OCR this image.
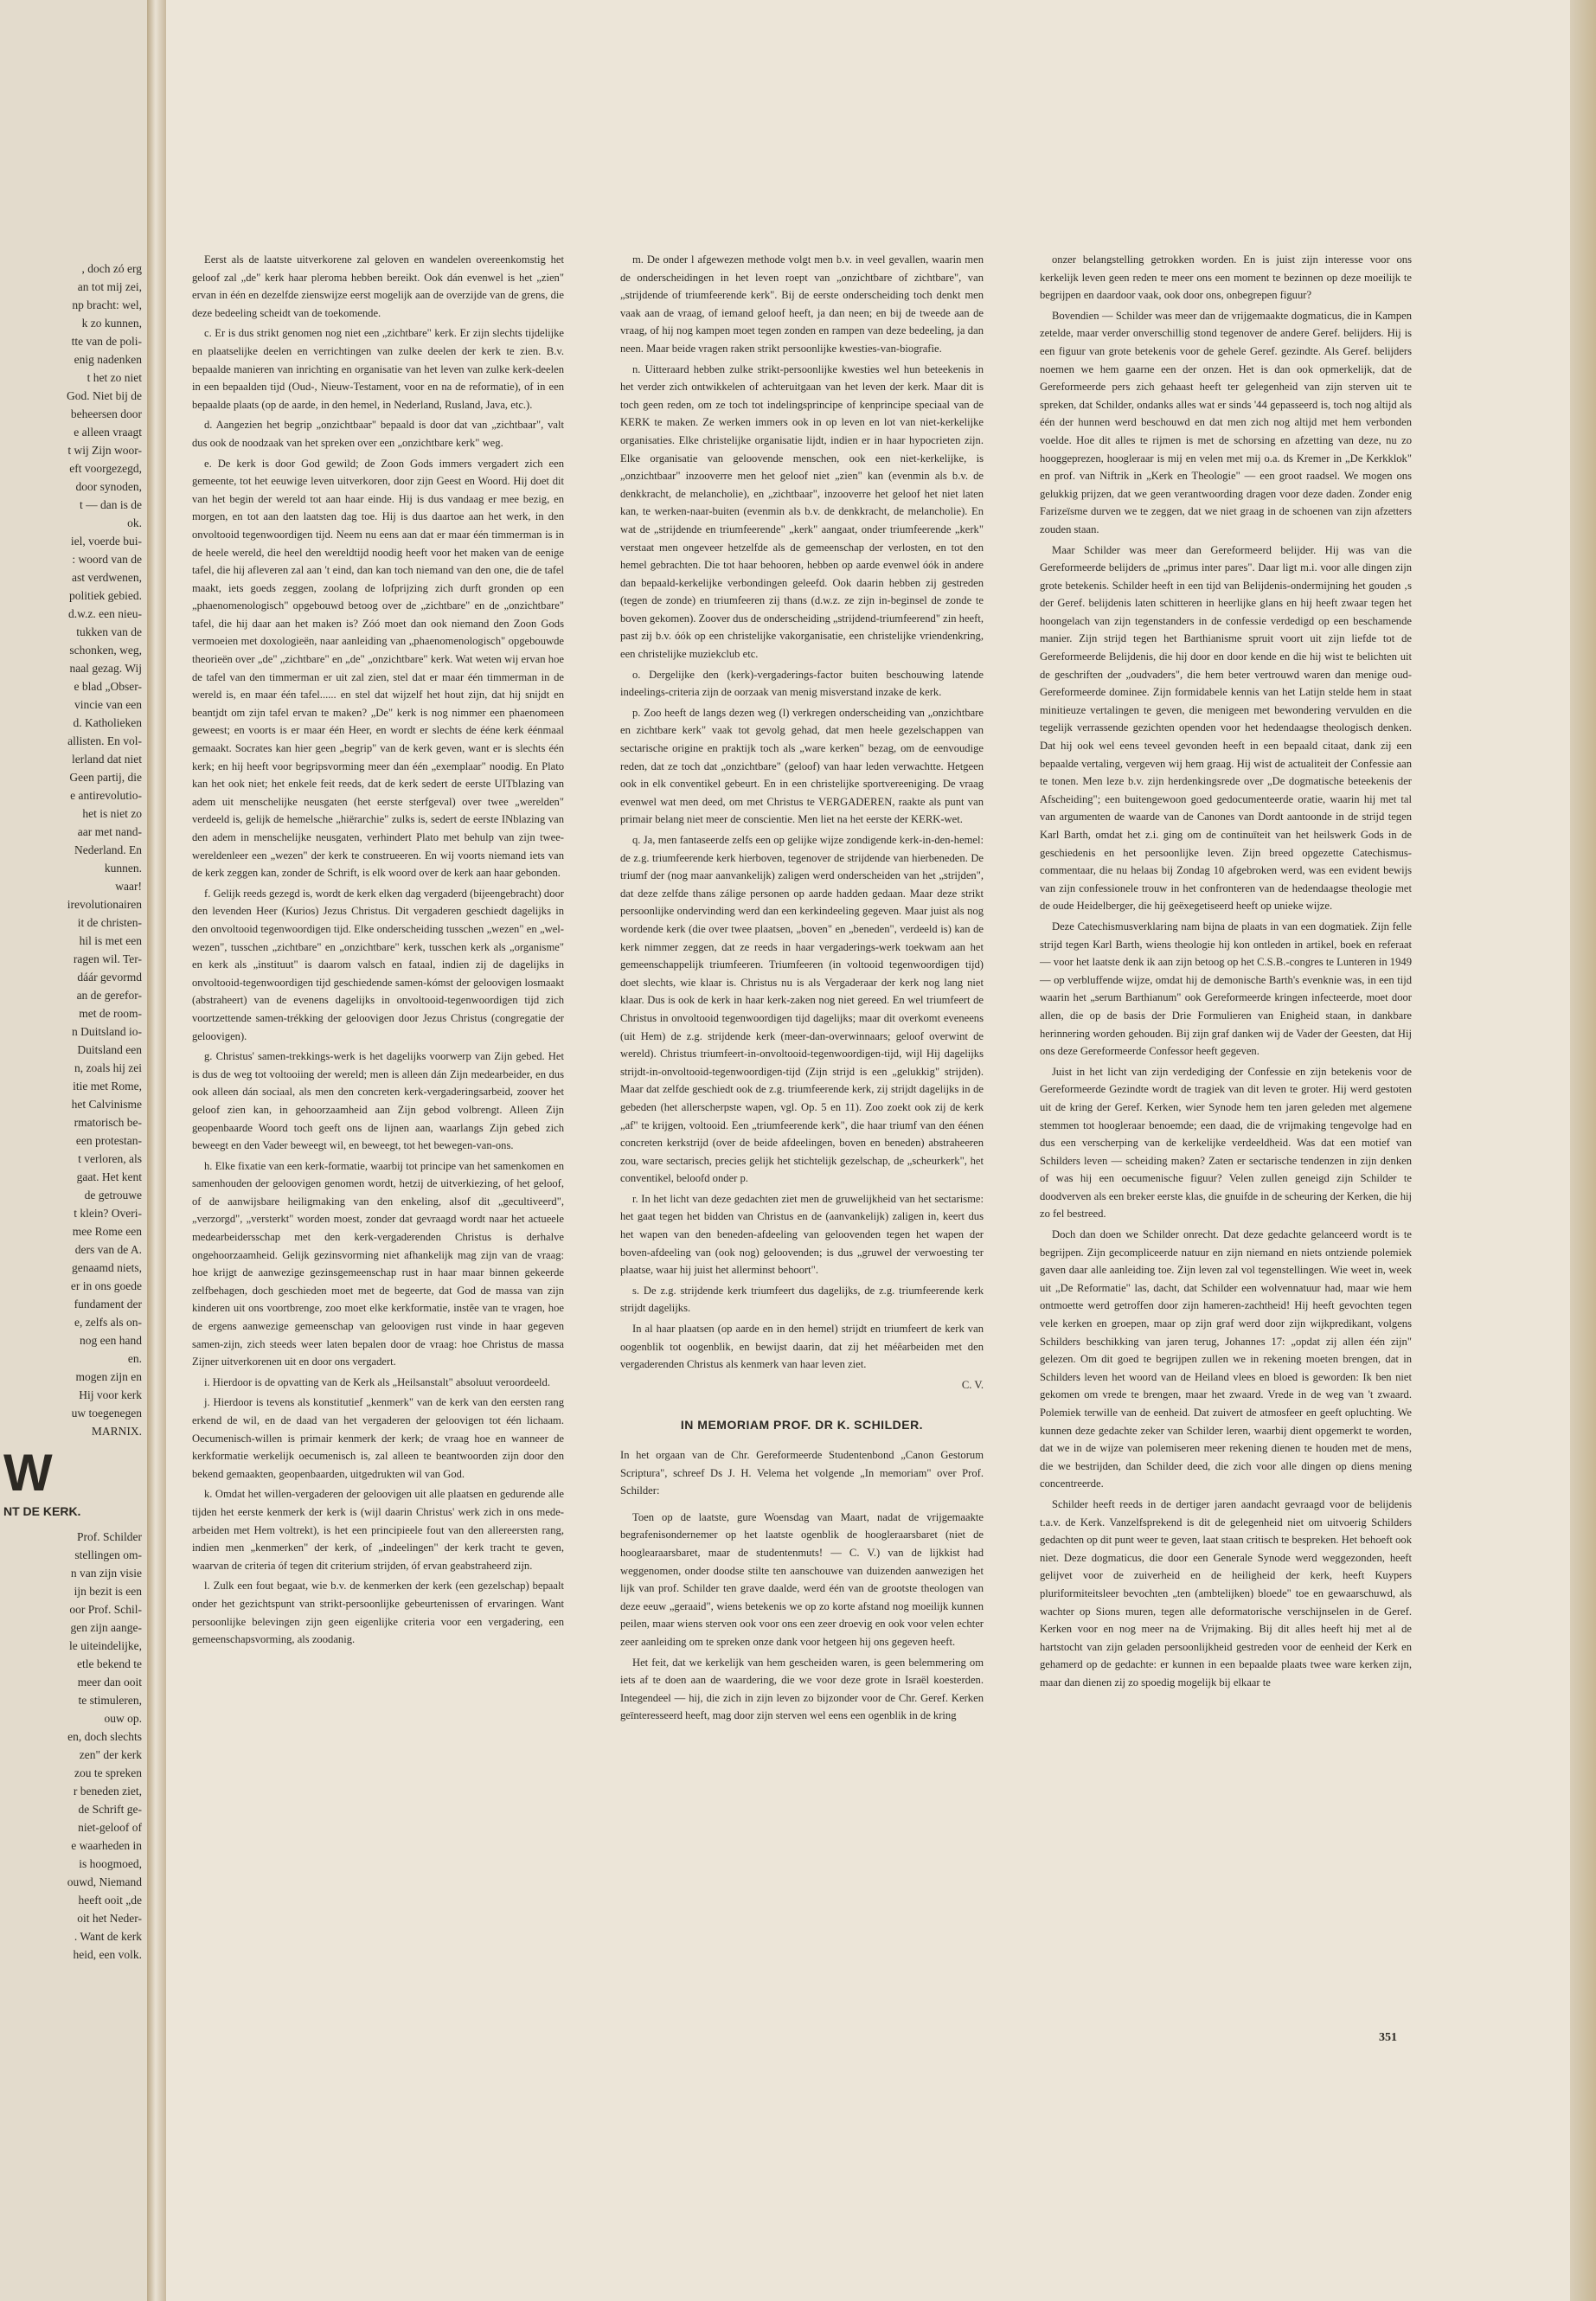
, doch zó erg
an tot mij zei,
np bracht: wel,
k zo kunnen,
tte van de poli-
enig nadenken
t het zo niet
God. Niet bij de
beheersen door
e alleen vraagt
t wij Zijn woor-
eft voorgezegd,
door synoden,
t — dan is de
ok.
iel, voerde bui-
: woord van de
ast verdwenen,
politiek gebied.
d.w.z. een nieu-
tukken van de
schonken, weg,
naal gezag. Wij
e blad „Obser-
vincie van een
d. Katholieken
allisten. En vol-
lerland dat niet
Geen partij, die
e antirevolutio-
het is niet zo
aar met nand-
Nederland. En
kunnen.
waar!
irevolutionairen
it de christen-
hil is met een
ragen wil. Ter-
dáár gevormd
an de gerefor-
met de room-
n Duitsland io-
Duitsland een
n, zoals hij zei
itie met Rome,
het Calvinisme
rmatorisch be-
een protestan-
t verloren, als
gaat. Het kent
de getrouwe
t klein? Overi-
mee Rome een
ders van de A.
genaamd niets,
er in ons goede
fundament der
e, zelfs als on-
nog een hand
en.
mogen zijn en
Hij voor kerk
uw toegenegen
MARNIX.
W
NT DE KERK.
Prof. Schilder
stellingen om-
n van zijn visie
ijn bezit is een
oor Prof. Schil-
gen zijn aange-
le uiteindelijke,
etle bekend te
meer dan ooit
te stimuleren,
ouw op.
en, doch slechts
zen" der kerk
zou te spreken
r beneden ziet,
de Schrift ge-
niet-geloof of
e waarheden in
is hoogmoed,
ouwd, Niemand
heeft ooit „de
oit het Neder-
. Want de kerk
heid, een volk.

Eerst als de laatste uitverkorene zal geloven en wandelen overeenkomstig het geloof zal „de" kerk haar pleroma hebben bereikt. Ook dán evenwel is het „zien" ervan in één en dezelfde zienswijze eerst mogelijk aan de overzijde van de grens, die deze bedeeling scheidt van de toekomende.

c. Er is dus strikt genomen nog niet een „zichtbare" kerk. Er zijn slechts tijdelijke en plaatselijke deelen en verrichtingen van zulke deelen der kerk te zien. B.v. bepaalde manieren van inrichting en organisatie van het leven van zulke kerk-deelen in een bepaalden tijd (Oud-, Nieuw-Testament, voor en na de reformatie), of in een bepaalde plaats (op de aarde, in den hemel, in Nederland, Rusland, Java, etc.).

d. Aangezien het begrip „onzichtbaar" bepaald is door dat van „zichtbaar", valt dus ook de noodzaak van het spreken over een „onzichtbare kerk" weg.

e. De kerk is door God gewild; de Zoon Gods immers vergadert zich een gemeente, tot het eeuwige leven uitverkoren, door zijn Geest en Woord. Hij doet dit van het begin der wereld tot aan haar einde. Hij is dus vandaag er mee bezig, en morgen, en tot aan den laatsten dag toe. Hij is dus daartoe aan het werk, in den onvoltooid tegenwoordigen tijd. Neem nu eens aan dat er maar één timmerman is in de heele wereld, die heel den wereldtijd noodig heeft voor het maken van de eenige tafel, die hij afleveren zal aan 't eind, dan kan toch niemand van den one, die de tafel maakt, iets goeds zeggen, zoolang de lofprijzing zich durft gronden op een „phaenomenologisch" opgebouwd betoog over de „zichtbare" en de „onzichtbare" tafel, die hij daar aan het maken is? Zóó moet dan ook niemand den Zoon Gods vermoeien met doxologieën, naar aanleiding van „phaenomenologisch" opgebouwde theorieën over „de" „zichtbare" en „de" „onzichtbare" kerk. Wat weten wij ervan hoe de tafel van den timmerman er uit zal zien, stel dat er maar één timmerman in de wereld is, en maar één tafel...... en stel dat wijzelf het hout zijn, dat hij snijdt en beantjdt om zijn tafel ervan te maken? „De" kerk is nog nimmer een phaenomeen geweest; en voorts is er maar één Heer, en wordt er slechts de ééne kerk éénmaal gemaakt. Socrates kan hier geen „begrip" van de kerk geven, want er is slechts één kerk; en hij heeft voor begripsvorming meer dan één „exemplaar" noodig. En Plato kan het ook niet; het enkele feit reeds, dat de kerk sedert de eerste UITblazing van adem uit menschelijke neusgaten (het eerste sterfgeval) over twee „werelden" verdeeld is, gelijk de hemelsche „hiërarchie" zulks is, sedert de eerste INblazing van den adem in menschelijke neusgaten, verhindert Plato met behulp van zijn twee-wereldenleer een „wezen" der kerk te construeeren. En wij voorts niemand iets van de kerk zeggen kan, zonder de Schrift, is elk woord over de kerk aan haar gebonden.

f. Gelijk reeds gezegd is, wordt de kerk elken dag vergaderd (bijeengebracht) door den levenden Heer (Kurios) Jezus Christus. Dit vergaderen geschiedt dagelijks in den onvoltooid tegenwoordigen tijd. Elke onderscheiding tusschen „wezen" en „wel-wezen", tusschen „zichtbare" en „onzichtbare" kerk, tusschen kerk als „organisme" en kerk als „instituut" is daarom valsch en fataal, indien zij de dagelijks in onvoltooid-tegenwoordigen tijd geschiedende samen-kómst der geloovigen losmaakt (abstraheert) van de evenens dagelijks in onvoltooid-tegenwoordigen tijd zich voortzettende samen-trékking der geloovigen door Jezus Christus (congregatie der geloovigen).

g. Christus' samen-trekkings-werk is het dagelijks voorwerp van Zijn gebed. Het is dus de weg tot voltooiing der wereld; men is alleen dán Zijn medearbeider, en dus ook alleen dán sociaal, als men den concreten kerk-vergaderingsarbeid, zoover het geloof zien kan, in gehoorzaamheid aan Zijn gebod volbrengt. Alleen Zijn geopenbaarde Woord toch geeft ons de lijnen aan, waarlangs Zijn gebed zich beweegt en den Vader beweegt wil, en beweegt, tot het bewegen-van-ons.

h. Elke fixatie van een kerk-formatie, waarbij tot principe van het samenkomen en samenhouden der geloovigen genomen wordt, hetzij de uitverkiezing, of het geloof, of de aanwijsbare heiligmaking van den enkeling, alsof dit „gecultiveerd", „verzorgd", „versterkt" worden moest, zonder dat gevraagd wordt naar het actueele medearbeidersschap met den kerk-vergaderenden Christus is derhalve ongehoorzaamheid. Gelijk gezinsvorming niet afhankelijk mag zijn van de vraag: hoe krijgt de aanwezige gezinsgemeenschap rust in haar maar binnen gekeerde zelfbehagen, doch geschieden moet met de begeerte, dat God de massa van zijn kinderen uit ons voortbrenge, zoo moet elke kerkformatie, instêe van te vragen, hoe de ergens aanwezige gemeenschap van geloovigen rust vinde in haar gegeven samen-zijn, zich steeds weer laten bepalen door de vraag: hoe Christus de massa Zijner uitverkorenen uit en door ons vergadert.

i. Hierdoor is de opvatting van de Kerk als „Heilsanstalt" absoluut veroordeeld.

j. Hierdoor is tevens als konstitutief „kenmerk" van de kerk van den eersten rang erkend de wil, en de daad van het vergaderen der geloovigen tot één lichaam. Oecumenisch-willen is primair kenmerk der kerk; de vraag hoe en wanneer de kerkformatie werkelijk oecumenisch is, zal alleen te beantwoorden zijn door den bekend gemaakten, geopenbaarden, uitgedrukten wil van God.

k. Omdat het willen-vergaderen der geloovigen uit alle plaatsen en gedurende alle tijden het eerste kenmerk der kerk is (wijl daarin Christus' werk zich in ons mede-arbeiden met Hem voltrekt), is het een principieele fout van den allereersten rang, indien men „kenmerken" der kerk, of „indeelingen" der kerk tracht te geven, waarvan de criteria óf tegen dit criterium strijden, óf ervan geabstraheerd zijn.

l. Zulk een fout begaat, wie b.v. de kenmerken der kerk (een gezelschap) bepaalt onder het gezichtspunt van strikt-persoonlijke gebeurtenissen of ervaringen. Want persoonlijke belevingen zijn geen eigenlijke criteria voor een vergadering, een gemeenschapsvorming, als zoodanig.

m. De onder l afgewezen methode volgt men b.v. in veel gevallen, waarin men de onderscheidingen in het leven roept van „onzichtbare of zichtbare", van „strijdende of triumfeerende kerk". Bij de eerste onderscheiding toch denkt men vaak aan de vraag, of iemand geloof heeft, ja dan neen; en bij de tweede aan de vraag, of hij nog kampen moet tegen zonden en rampen van deze bedeeling, ja dan neen. Maar beide vragen raken strikt persoonlijke kwesties-van-biografie.

n. Uitteraard hebben zulke strikt-persoonlijke kwesties wel hun beteekenis in het verder zich ontwikkelen of achteruitgaan van het leven der kerk. Maar dit is toch geen reden, om ze toch tot indelingsprincipe of kenprincipe speciaal van de KERK te maken. Ze werken immers ook in op leven en lot van niet-kerkelijke organisaties. Elke christelijke organisatie lijdt, indien er in haar hypocrieten zijn. Elke organisatie van geloovende menschen, ook een niet-kerkelijke, is „onzichtbaar" inzooverre men het geloof niet „zien" kan (evenmin als b.v. de denkkracht, de melancholie), en „zichtbaar", inzooverre het geloof het niet laten kan, te werken-naar-buiten (evenmin als b.v. de denkkracht, de melancholie). En wat de „strijdende en triumfeerende" „kerk" aangaat, onder triumfeerende „kerk" verstaat men ongeveer hetzelfde als de gemeenschap der verlosten, en tot den hemel gebrachten. Die tot haar behooren, hebben op aarde evenwel óók in andere dan bepaald-kerkelijke verbondingen geleefd. Ook daarin hebben zij gestreden (tegen de zonde) en triumfeeren zij thans (d.w.z. ze zijn in-beginsel de zonde te boven gekomen). Zoover dus de onderscheiding „strijdend-triumfeerend" zin heeft, past zij b.v. óók op een christelijke vakorganisatie, een christelijke vriendenkring, een christelijke muziekclub etc.

o. Dergelijke den (kerk)-vergaderings-factor buiten beschouwing latende indeelings-criteria zijn de oorzaak van menig misverstand inzake de kerk.

p. Zoo heeft de langs dezen weg (l) verkregen onderscheiding van „onzichtbare en zichtbare kerk" vaak tot gevolg gehad, dat men heele gezelschappen van sectarische origine en praktijk toch als „ware kerken" bezag, om de eenvoudige reden, dat ze toch dat „onzichtbare" (geloof) van haar leden verwachtte. Hetgeen ook in elk conventikel gebeurt. En in een christelijke sportvereeniging. De vraag evenwel wat men deed, om met Christus te VERGADEREN, raakte als punt van primair belang niet meer de conscientie. Men liet na het eerste der KERK-wet.

q. Ja, men fantaseerde zelfs een op gelijke wijze zondigende kerk-in-den-hemel: de z.g. triumfeerende kerk hierboven, tegenover de strijdende van hierbeneden. De triumf der (nog maar aanvankelijk) zaligen werd onderscheiden van het „strijden", dat deze zelfde thans zálige personen op aarde hadden gedaan. Maar deze strikt persoonlijke ondervinding werd dan een kerkindeeling gegeven. Maar juist als nog wordende kerk (die over twee plaatsen, „boven" en „beneden", verdeeld is) kan de kerk nimmer zeggen, dat ze reeds in haar vergaderings-werk toekwam aan het gemeenschappelijk triumfeeren. Triumfeeren (in voltooid tegenwoordigen tijd) doet slechts, wie klaar is. Christus nu is als Vergaderaar der kerk nog lang niet klaar. Dus is ook de kerk in haar kerk-zaken nog niet gereed. En wel triumfeert de Christus in onvoltooid tegenwoordigen tijd dagelijks; maar dit overkomt eveneens (uit Hem) de z.g. strijdende kerk (meer-dan-overwinnaars; geloof overwint de wereld). Christus triumfeert-in-onvoltooid-tegenwoordigen-tijd, wijl Hij dagelijks strijdt-in-onvoltooid-tegenwoordigen-tijd (Zijn strijd is een „gelukkig" strijden). Maar dat zelfde geschiedt ook de z.g. triumfeerende kerk, zij strijdt dagelijks in de gebeden (het allerscherpste wapen, vgl. Op. 5 en 11). Zoo zoekt ook zij de kerk „af" te krijgen, voltooid. Een „triumfeerende kerk", die haar triumf van den éénen concreten kerkstrijd (over de beide afdeelingen, boven en beneden) abstraheeren zou, ware sectarisch, precies gelijk het stichtelijk gezelschap, de „scheurkerk", het conventikel, beloofd onder p.

r. In het licht van deze gedachten ziet men de gruwelijkheid van het sectarisme: het gaat tegen het bidden van Christus en de (aanvankelijk) zaligen in, keert dus het wapen van den beneden-afdeeling van geloovenden tegen het wapen der boven-afdeeling van (ook nog) geloovenden; is dus „gruwel der verwoesting ter plaatse, waar hij juist het allerminst behoort".

s. De z.g. strijdende kerk triumfeert dus dagelijks, de z.g. triumfeerende kerk strijdt dagelijks.

In al haar plaatsen (op aarde en in den hemel) strijdt en triumfeert de kerk van oogenblik tot oogenblik, en bewijst daarin, dat zij het méêarbeiden met den vergaderenden Christus als kenmerk van haar leven ziet.

C. V.
IN MEMORIAM PROF. DR K. SCHILDER.

In het orgaan van de Chr. Gereformeerde Studentenbond „Canon Gestorum Scriptura", schreef Ds J. H. Velema het volgende „In memoriam" over Prof. Schilder:

Toen op de laatste, gure Woensdag van Maart, nadat de vrijgemaakte begrafenisondernemer op het laatste ogenblik de hoogleraarsbaret (niet de hooglearaarsbaret, maar de studentenmuts! — C. V.) van de lijkkist had weggenomen, onder doodse stilte ten aanschouwe van duizenden aanwezigen het lijk van prof. Schilder ten grave daalde, werd één van de grootste theologen van deze eeuw „geraaid", wiens betekenis we op zo korte afstand nog moeilijk kunnen peilen, maar wiens sterven ook voor ons een zeer droevig en ook voor velen echter zeer aanleiding om te spreken onze dank voor hetgeen hij ons gegeven heeft.

Het feit, dat we kerkelijk van hem gescheiden waren, is geen belemmering om iets af te doen aan de waardering, die we voor deze grote in Israël koesterden. Integendeel — hij, die zich in zijn leven zo bijzonder voor de Chr. Geref. Kerken geïnteresseerd heeft, mag door zijn sterven wel eens een ogenblik in de kring

onzer belangstelling getrokken worden. En is juist zijn interesse voor ons kerkelijk leven geen reden te meer ons een moment te bezinnen op deze moeilijk te begrijpen en daardoor vaak, ook door ons, onbegrepen figuur?

Bovendien — Schilder was meer dan de vrijgemaakte dogmaticus, die in Kampen zetelde, maar verder onverschillig stond tegenover de andere Geref. belijders. Hij is een figuur van grote betekenis voor de gehele Geref. gezindte. Als Geref. belijders noemen we hem gaarne een der onzen. Het is dan ook opmerkelijk, dat de Gereformeerde pers zich gehaast heeft ter gelegenheid van zijn sterven uit te spreken, dat Schilder, ondanks alles wat er sinds '44 gepasseerd is, toch nog altijd als één der hunnen werd beschouwd en dat men zich nog altijd met hem verbonden voelde. Hoe dit alles te rijmen is met de schorsing en afzetting van deze, nu zo hooggeprezen, hoogleraar is mij en velen met mij o.a. ds Kremer in „De Kerkklok" en prof. van Niftrik in „Kerk en Theologie" — een groot raadsel. We mogen ons gelukkig prijzen, dat we geen verantwoording dragen voor deze daden. Zonder enig Farizeïsme durven we te zeggen, dat we niet graag in de schoenen van zijn afzetters zouden staan.

Maar Schilder was meer dan Gereformeerd belijder. Hij was van die Gereformeerde belijders de „primus inter pares". Daar ligt m.i. voor alle dingen zijn grote betekenis. Schilder heeft in een tijd van Belijdenis-ondermijning het gouden ‚s der Geref. belijdenis laten schitteren in heerlijke glans en hij heeft zwaar tegen het hoongelach van zijn tegenstanders in de confessie verdedigd op een beschamende manier. Zijn strijd tegen het Barthianisme spruit voort uit zijn liefde tot de Gereformeerde Belijdenis, die hij door en door kende en die hij wist te belichten uit de geschriften der „oudvaders", die hem beter vertrouwd waren dan menige oud-Gereformeerde dominee. Zijn formidabele kennis van het Latijn stelde hem in staat minitieuze vertalingen te geven, die menigeen met bewondering vervulden en die tegelijk verrassende gezichten openden voor het hedendaagse theologisch denken. Dat hij ook wel eens teveel gevonden heeft in een bepaald citaat, dank zij een bepaalde vertaling, vergeven wij hem graag. Hij wist de actualiteit der Confessie aan te tonen. Men leze b.v. zijn herdenkingsrede over „De dogmatische beteekenis der Afscheiding"; een buitengewoon goed gedocumenteerde oratie, waarin hij met tal van argumenten de waarde van de Canones van Dordt aantoonde in de strijd tegen Karl Barth, omdat het z.i. ging om de continuïteit van het heilswerk Gods in de geschiedenis en het persoonlijke leven. Zijn breed opgezette Catechismus-commentaar, die nu helaas bij Zondag 10 afgebroken werd, was een evident bewijs van zijn confessionele trouw in het confronteren van de hedendaagse theologie met de oude Heidelberger, die hij geëxegetiseerd heeft op unieke wijze.

Deze Catechismusverklaring nam bijna de plaats in van een dogmatiek. Zijn felle strijd tegen Karl Barth, wiens theologie hij kon ontleden in artikel, boek en referaat — voor het laatste denk ik aan zijn betoog op het C.S.B.-congres te Lunteren in 1949 — op verbluffende wijze, omdat hij de demonische Barth's evenknie was, in een tijd waarin het „serum Barthianum" ook Gereformeerde kringen infecteerde, moet door allen, die op de basis der Drie Formulieren van Enigheid staan, in dankbare herinnering worden gehouden. Bij zijn graf danken wij de Vader der Geesten, dat Hij ons deze Gereformeerde Confessor heeft gegeven.

Juist in het licht van zijn verdediging der Confessie en zijn betekenis voor de Gereformeerde Gezindte wordt de tragiek van dit leven te groter. Hij werd gestoten uit de kring der Geref. Kerken, wier Synode hem ten jaren geleden met algemene stemmen tot hoogleraar benoemde; een daad, die de vrijmaking tengevolge had en dus een verscherping van de kerkelijke verdeeldheid. Was dat een motief van Schilders leven — scheiding maken? Zaten er sectarische tendenzen in zijn denken of was hij een oecumenische figuur? Velen zullen geneigd zijn Schilder te doodverven als een breker eerste klas, die gnuifde in de scheuring der Kerken, die hij zo fel bestreed.

Doch dan doen we Schilder onrecht. Dat deze gedachte gelanceerd wordt is te begrijpen. Zijn gecompliceerde natuur en zijn niemand en niets ontziende polemiek gaven daar alle aanleiding toe. Zijn leven zal vol tegenstellingen. Wie weet in, week uit „De Reformatie" las, dacht, dat Schilder een wolvennatuur had, maar wie hem ontmoette werd getroffen door zijn hameren-zachtheid! Hij heeft gevochten tegen vele kerken en groepen, maar op zijn graf werd door zijn wijkpredikant, volgens Schilders beschikking van jaren terug, Johannes 17: „opdat zij allen één zijn" gelezen. Om dit goed te begrijpen zullen we in rekening moeten brengen, dat in Schilders leven het woord van de Heiland vlees en bloed is geworden: Ik ben niet gekomen om vrede te brengen, maar het zwaard. Vrede in de weg van 't zwaard. Polemiek terwille van de eenheid. Dat zuivert de atmosfeer en geeft opluchting. We kunnen deze gedachte zeker van Schilder leren, waarbij dient opgemerkt te worden, dat we in de wijze van polemiseren meer rekening dienen te houden met de mens, die we bestrijden, dan Schilder deed, die zich voor alle dingen op diens mening concentreerde.

Schilder heeft reeds in de dertiger jaren aandacht gevraagd voor de belijdenis t.a.v. de Kerk. Vanzelfsprekend is dit de gelegenheid niet om uitvoerig Schilders gedachten op dit punt weer te geven, laat staan critisch te bespreken. Het behoeft ook niet. Deze dogmaticus, die door een Generale Synode werd weggezonden, heeft gelijvet voor de zuiverheid en de heiligheid der kerk, heeft Kuypers pluriformiteitsleer bevochten „ten (ambtelijken) bloede" toe en gewaarschuwd, als wachter op Sions muren, tegen alle deformatorische verschijnselen in de Geref. Kerken voor en nog meer na de Vrijmaking. Bij dit alles heeft hij met al de hartstocht van zijn geladen persoonlijkheid gestreden voor de eenheid der Kerk en gehamerd op de gedachte: er kunnen in een bepaalde plaats twee ware kerken zijn, maar dan dienen zij zo spoedig mogelijk bij elkaar te

351
